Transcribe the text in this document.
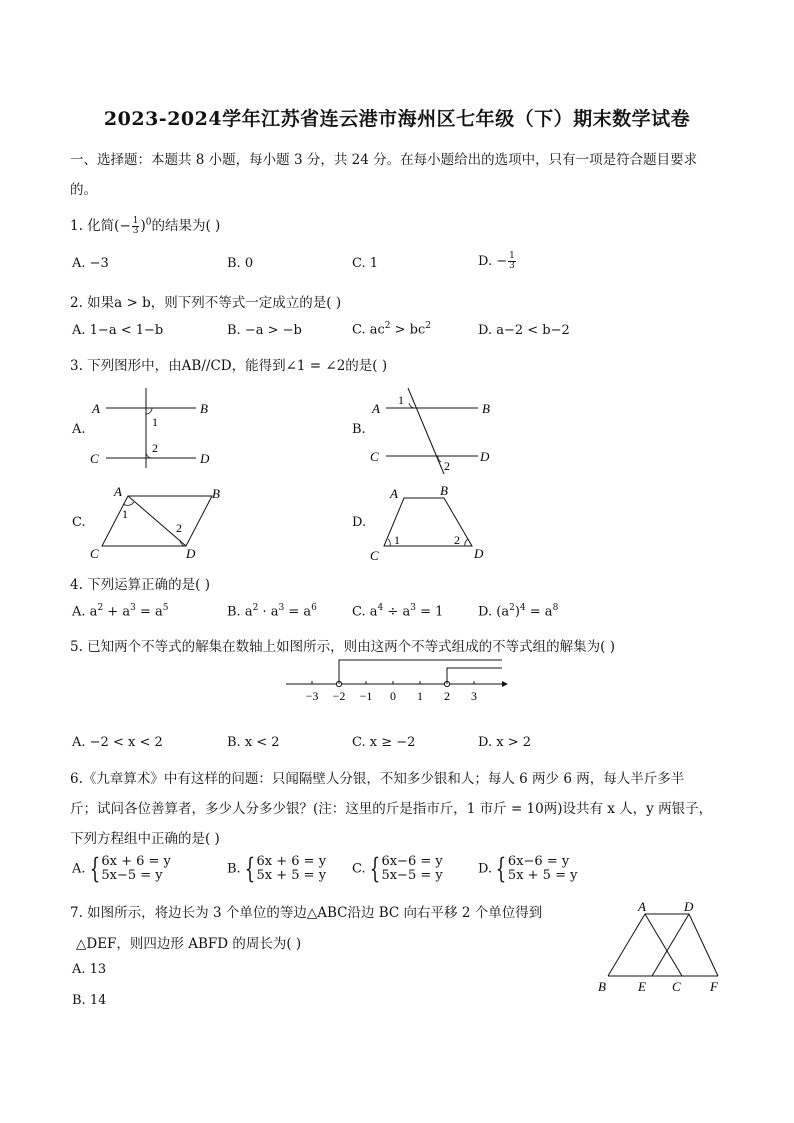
2023-2024学年江苏省连云港市海州区七年级（下）期末数学试卷
一、选择题：本题共 8 小题，每小题 3 分，共 24 分。在每小题给出的选项中，只有一项是符合题目要求
的。
1. 化简(− $\frac{1}{3} )^0$的结果为( )
A. −3	B. 0	C. 1	D. − $\frac{1}{3}$
2. 如果a > b，则下列不等式一定成立的是( )
A. 1−a < 1−b	B. −a > −b	C. $ac^2 > bc^2$	D. a−2 < b−2
3. 下列图形中，由AB//CD，能得到∠1 = ∠2的是( )
A.
A	B
C	D
1
2
B.
A	B
C	D
1
2
C.
A	B
C	D
1
2	D.
A	B
C	D
1	2
4. 下列运算正确的是( )
A. $a^2 + a^3 = a^5$	B. $a^2 \cdot a^3 = a^6$	C. $a^4 \div a^3 = 1$	D. $(a^2)^4 = a^8$
5. 已知两个不等式的解集在数轴上如图所示，则由这两个不等式组成的不等式组的解集为( )
−3 −2 −1 0 1 2 3
A. −2 < x < 2	B. x < 2	C. x ≥ −2	D. x > 2
6.《九章算术》中有这样的问题：只闻隔壁人分银，不知多少银和人；每人 6 两少 6 两，每人半斤多半
斤；试问各位善算者，多少人分多少银？(注：这里的斤是指市斤，1 市斤 = 10两)设共有 x 人，y 两银子，
下列方程组中正确的是( )
A. { 6x + 6 = y
5x−5 = y	B. { 6x + 6 = y
5x + 5 = y C. { 6x−6 = y
5x−5 = y	D. { 6x−6 = y
5x + 5 = y
7. 如图所示，将边长为 3 个单位的等边△ABC沿边 BC 向右平移 2 个单位得到
△DEF，则四边形 ABFD 的周长为( )
A. 13
B. 14
A	D
B E C F
